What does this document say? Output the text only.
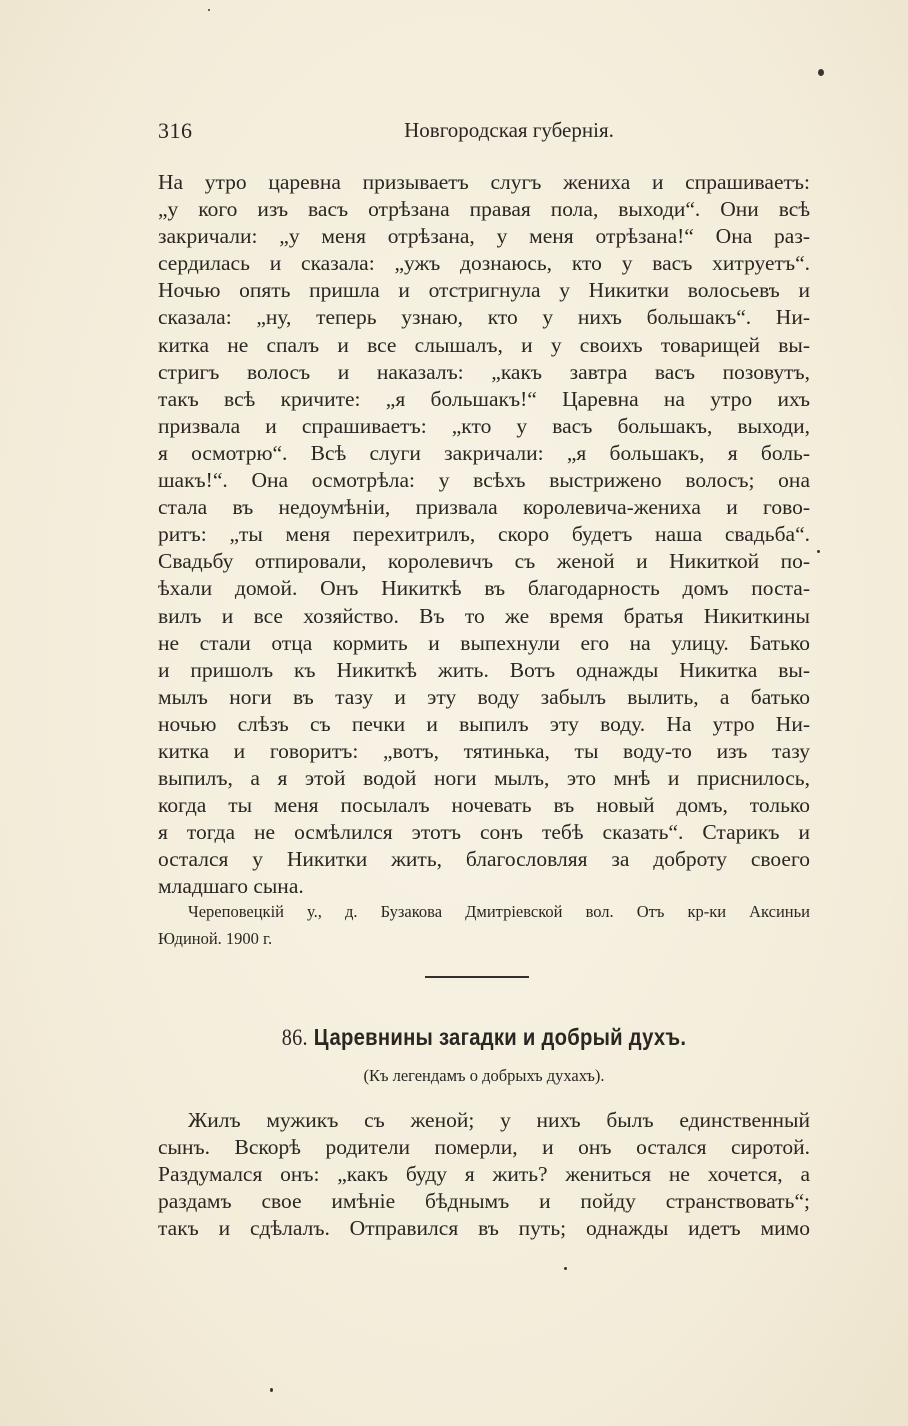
316	Новгородская губернія.
На утро царевна призываетъ слугъ жениха и спрашиваетъ:
„у кого изъ васъ отрѣзана правая пола, выходи“. Они всѣ
закричали: „у меня отрѣзана, у меня отрѣзана!“ Она раз-
сердилась и сказала: „ужъ дознаюсь, кто у васъ хитруетъ“.
Ночью опять пришла и отстригнула у Никитки волосьевъ и
сказала: „ну, теперь узнаю, кто у нихъ большакъ“. Ни-
китка не спалъ и все слышалъ, и у своихъ товарищей вы-
стригъ волосъ и наказалъ: „какъ завтра васъ позовутъ,
такъ всѣ кричите: „я большакъ!“ Царевна на утро ихъ
призвала и спрашиваетъ: „кто у васъ большакъ, выходи,
я осмотрю“. Всѣ слуги закричали: „я большакъ, я боль-
шакъ!“. Она осмотрѣла: у всѣхъ выстрижено волосъ; она
стала въ недоумѣніи, призвала королевича-жениха и гово-
ритъ: „ты меня перехитрилъ, скоро будетъ наша свадьба“.
Свадьбу отпировали, королевичъ съ женой и Никиткой по-
ѣхали домой. Онъ Никиткѣ въ благодарность домъ поста-
вилъ и все хозяйство. Въ то же время братья Никиткины
не стали отца кормить и выпехнули его на улицу. Батько
и пришолъ къ Никиткѣ жить. Вотъ однажды Никитка вы-
мылъ ноги въ тазу и эту воду забылъ вылить, а батько
ночью слѣзъ съ печки и выпилъ эту воду. На утро Ни-
китка и говоритъ: „вотъ, тятинька, ты воду-то изъ тазу
выпилъ, а я этой водой ноги мылъ, это мнѣ и приснилось,
когда ты меня посылалъ ночевать въ новый домъ, только
я тогда не осмѣлился этотъ сонъ тебѣ сказать“. Старикъ и
остался у Никитки жить, благословляя за доброту своего
младшаго сына.
Череповецкій у., д. Бузакова Дмитріевской вол. Отъ кр-ки Аксиньи
Юдиной. 1900 г.
86. Царевнины загадки и добрый духъ.
(Къ легендамъ о добрыхъ духахъ).
Жилъ мужикъ съ женой; у нихъ былъ единственный
сынъ. Вскорѣ родители померли, и онъ остался сиротой.
Раздумался онъ: „какъ буду я жить? жениться не хочется, а
раздамъ свое имѣніе бѣднымъ и пойду странствовать“;
такъ и сдѣлалъ. Отправился въ путь; однажды идетъ мимо
